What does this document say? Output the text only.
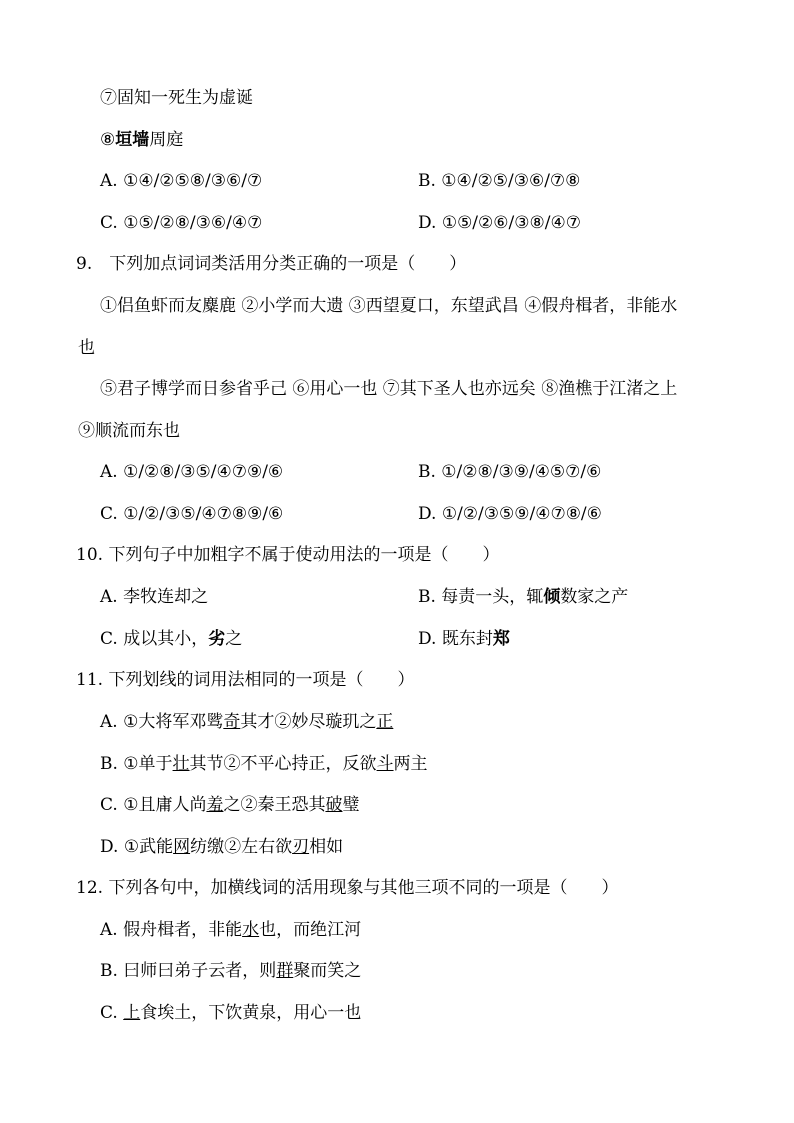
⑦固知一死生为虚诞
⑧垣墙周庭
A. ①④/②⑤⑧/③⑥/⑦	B. ①④/②⑤/③⑥/⑦⑧
C. ①⑤/②⑧/③⑥/④⑦	D. ①⑤/②⑥/③⑧/④⑦
9.　下列加点词词类活用分类正确的一项是（　　）
①侣鱼虾而友麋鹿 ②小学而大遗 ③西望夏口，东望武昌 ④假舟楫者，非能水
也
⑤君子博学而日参省乎己 ⑥用心一也 ⑦其下圣人也亦远矣 ⑧渔樵于江渚之上
⑨顺流而东也
A. ①/②⑧/③⑤/④⑦⑨/⑥	B. ①/②⑧/③⑨/④⑤⑦/⑥
C. ①/②/③⑤/④⑦⑧⑨/⑥	D. ①/②/③⑤⑨/④⑦⑧/⑥
10. 下列句子中加粗字不属于使动用法的一项是（　　）
A. 李牧连却之	B. 每责一头，辄倾数家之产
C. 成以其小，劣之	D. 既东封郑
11. 下列划线的词用法相同的一项是（　　）
A. ①大将军邓骘奇其才②妙尽璇玑之正
B. ①单于壮其节②不平心持正，反欲斗两主
C. ①且庸人尚羞之②秦王恐其破璧
D. ①武能网纺缴②左右欲刃相如
12. 下列各句中，加横线词的活用现象与其他三项不同的一项是（　　）
A. 假舟楫者，非能水也，而绝江河
B. 曰师曰弟子云者，则群聚而笑之
C. 上食埃土，下饮黄泉，用心一也
